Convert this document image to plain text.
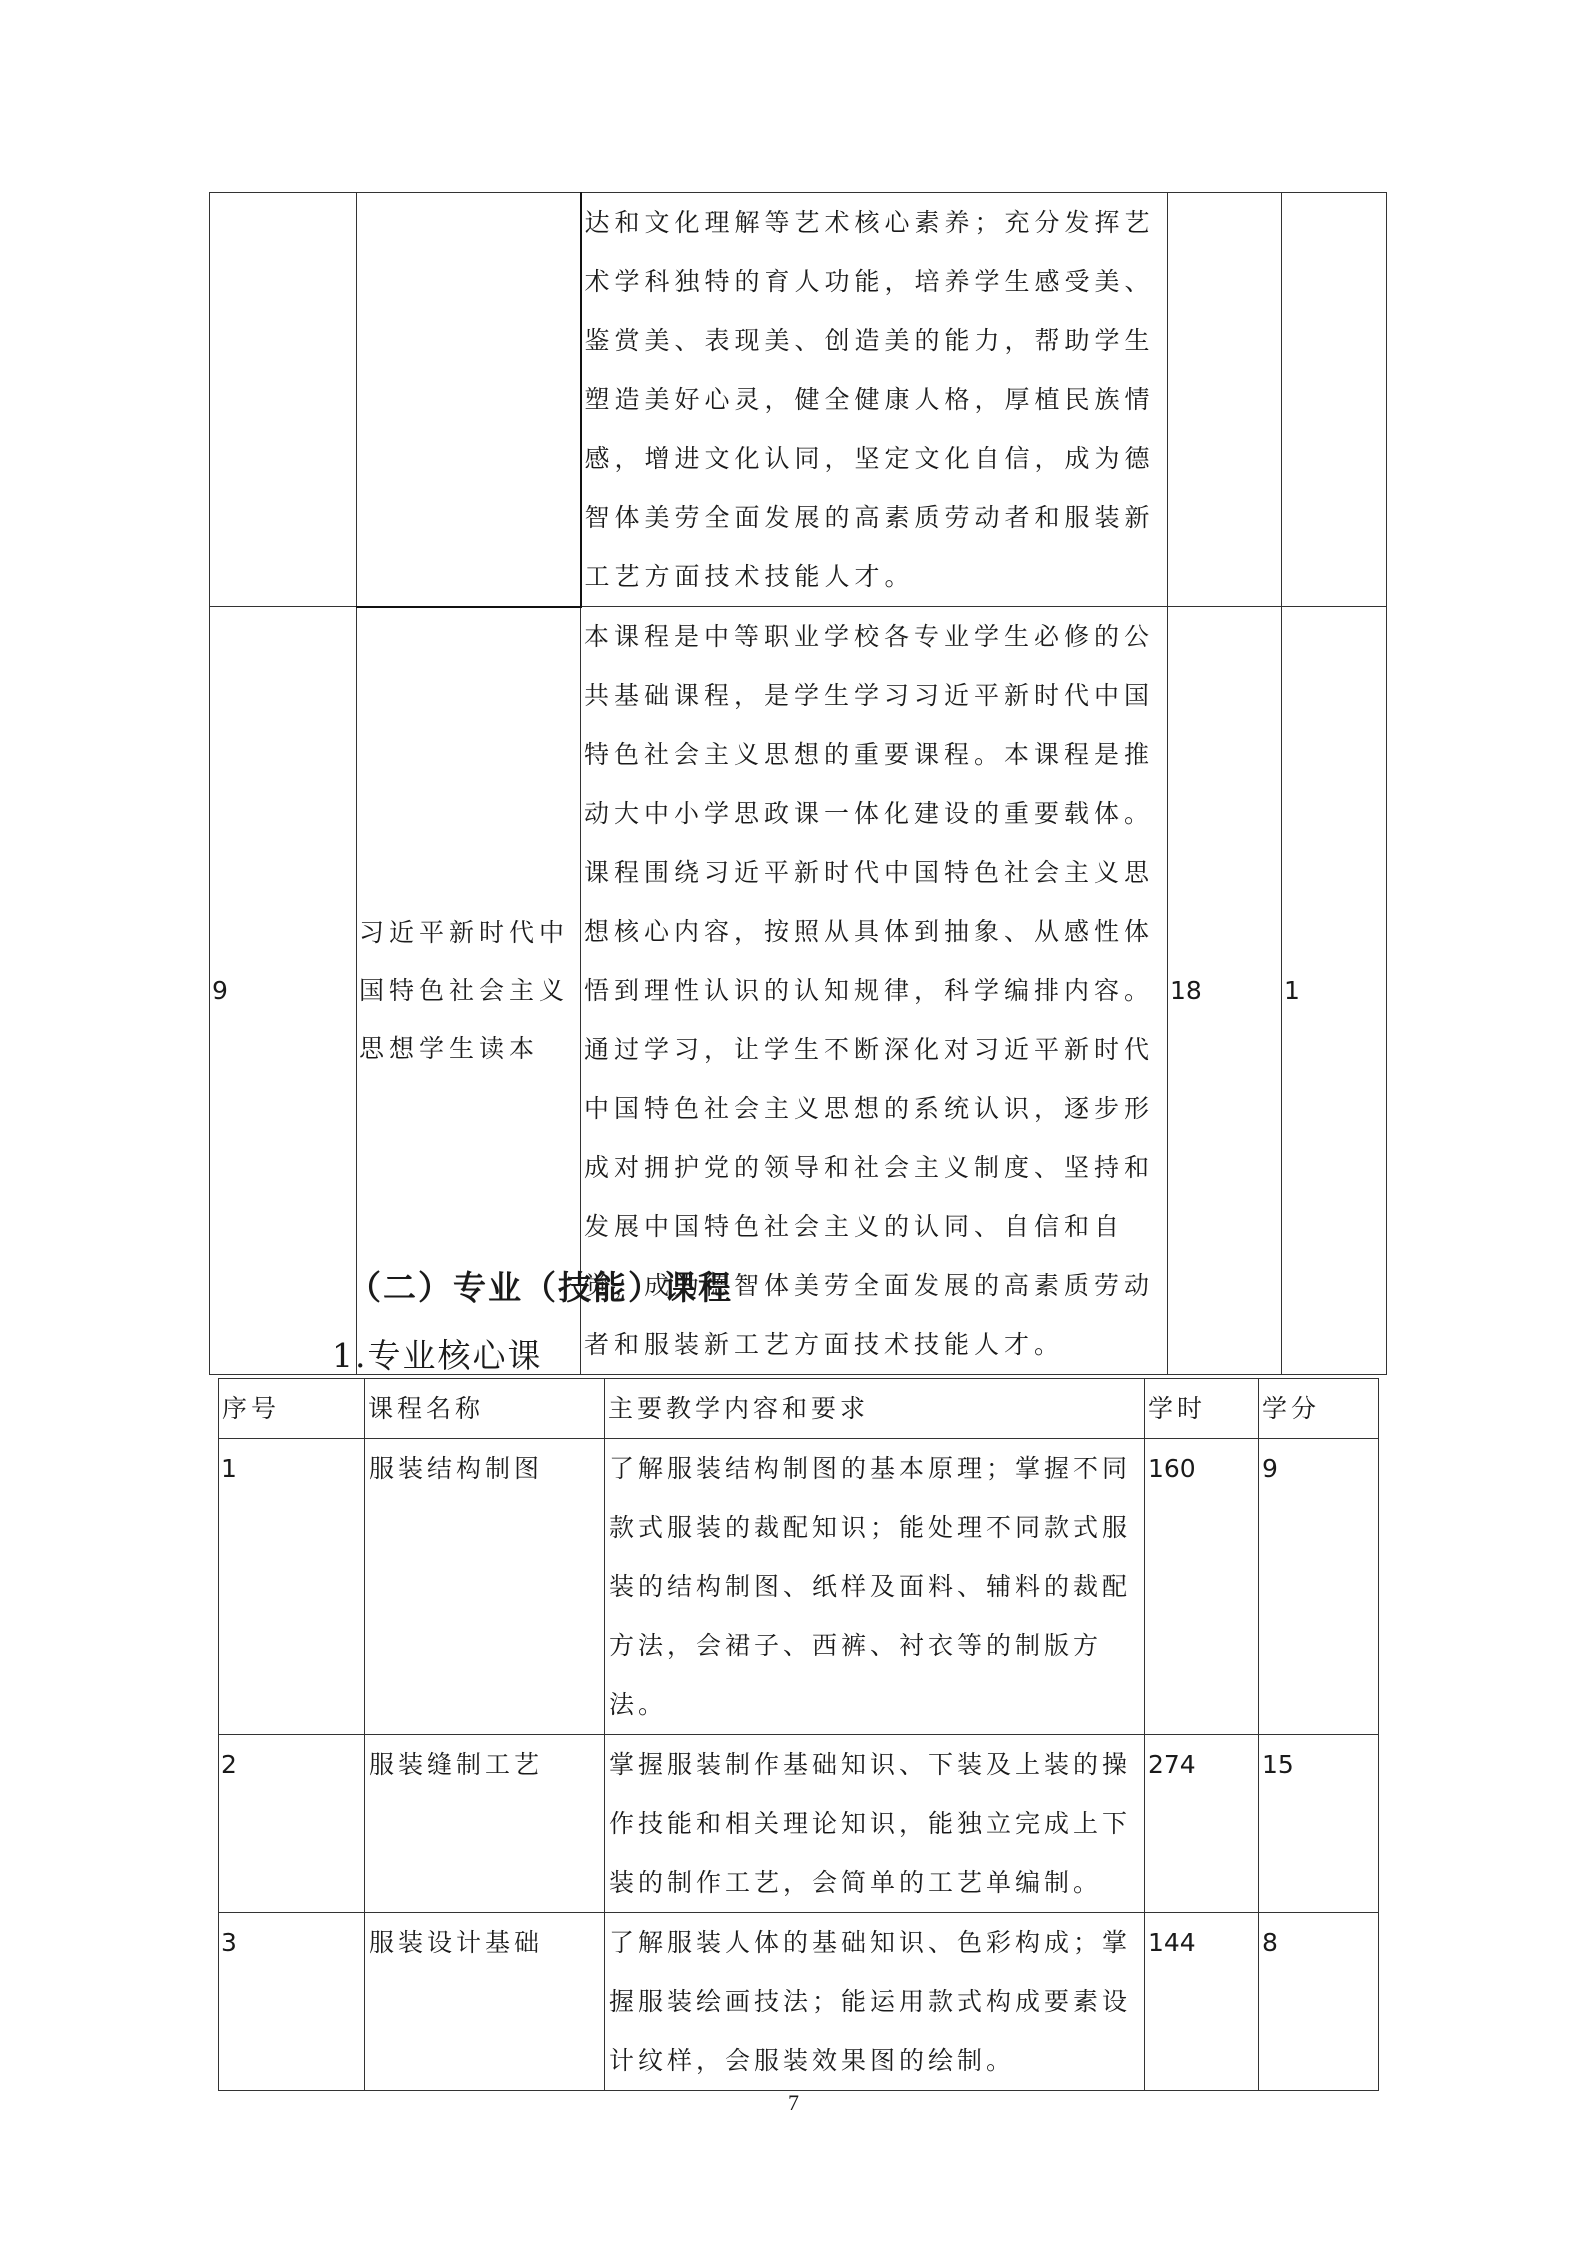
		达和文化理解等艺术核心素养；充分发挥艺术学科独特的育人功能，培养学生感受美、鉴赏美、表现美、创造美的能力，帮助学生塑造美好心灵，健全健康人格，厚植民族情感，增进文化认同，坚定文化自信，成为德智体美劳全面发展的高素质劳动者和服装新工艺方面技术技能人才。		
9	习近平新时代中国特色社会主义思想学生读本	本课程是中等职业学校各专业学生必修的公共基础课程，是学生学习习近平新时代中国特色社会主义思想的重要课程。本课程是推动大中小学思政课一体化建设的重要载体。课程围绕习近平新时代中国特色社会主义思想核心内容，按照从具体到抽象、从感性体悟到理性认识的认知规律，科学编排内容。通过学习，让学生不断深化对习近平新时代中国特色社会主义思想的系统认识，逐步形成对拥护党的领导和社会主义制度、坚持和发展中国特色社会主义的认同、自信和自觉，成为德智体美劳全面发展的高素质劳动者和服装新工艺方面技术技能人才。	18	1
（二）专业（技能）课程
1.专业核心课
序号	课程名称	主要教学内容和要求	学时	学分
1	服装结构制图	了解服装结构制图的基本原理；掌握不同款式服装的裁配知识；能处理不同款式服装的结构制图、纸样及面料、辅料的裁配方法，会裙子、西裤、衬衣等的制版方法。	160	9
2	服装缝制工艺	掌握服装制作基础知识、下装及上装的操作技能和相关理论知识，能独立完成上下装的制作工艺，会简单的工艺单编制。	274	15
3	服装设计基础	了解服装人体的基础知识、色彩构成；掌握服装绘画技法；能运用款式构成要素设计纹样，会服装效果图的绘制。	144	8
7
